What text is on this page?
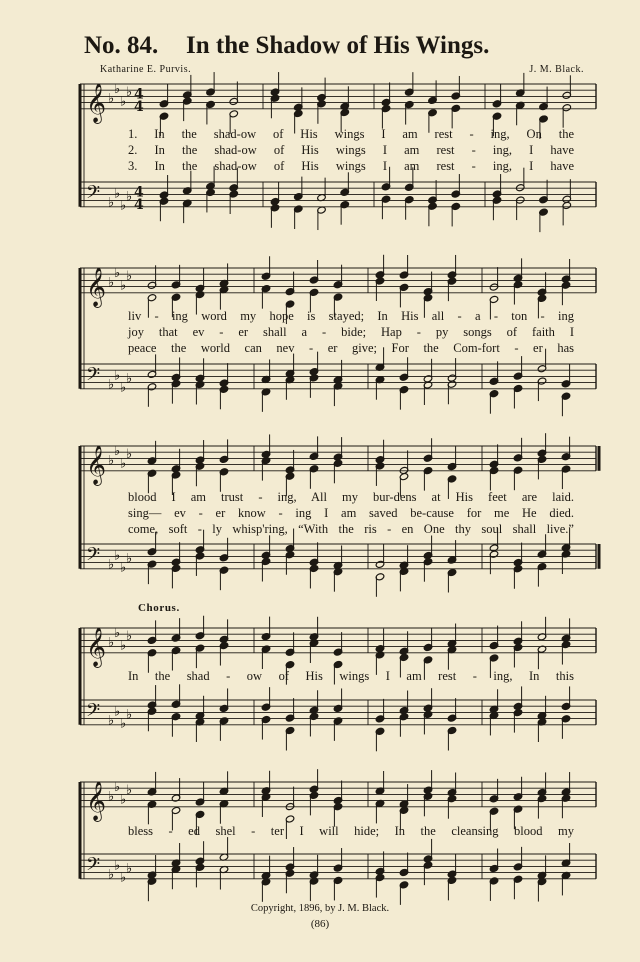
No. 84. In the Shadow of His Wings.
Katharine E. Purvis.	J. M. Black.
𝄞 ♭
♭
♭
♭ 4
4
𝄢 ♭
♭
♭
♭ 4
4
𝄞 ♭
♭
♭
♭
𝄢 ♭
♭
♭
♭
𝄞 ♭
♭
♭
♭
𝄢 ♭
♭
♭
♭
𝄞 ♭
♭
♭
♭
𝄢 ♭
♭
♭
♭
𝄞 ♭
♭
♭
♭
𝄢 ♭
♭
♭
♭
1. In the shad-ow of His wings I am rest - ing, On the
2. In the shad-ow of His wings I am rest - ing, I have
3. In the shad-ow of His wings I am rest - ing, I have
liv - ing word my hope is stayed; In His all - a - ton - ing
joy that ev - er shall a - bide; Hap - py songs of faith I
peace the world can nev - er give; For the Com-fort - er has
blood I am trust - ing, All my bur-dens at His feet are laid.
sing— ev - er know - ing I am saved be-cause for me He died.
come, soft - ly whisp'ring, “With the ris - en One thy soul shall live.”
Chorus.
In the shad - ow of His wings I am rest - ing, In this
bless - ed shel - ter I will hide; In the cleansing blood my
Copyright, 1896, by J. M. Black.
(86)
